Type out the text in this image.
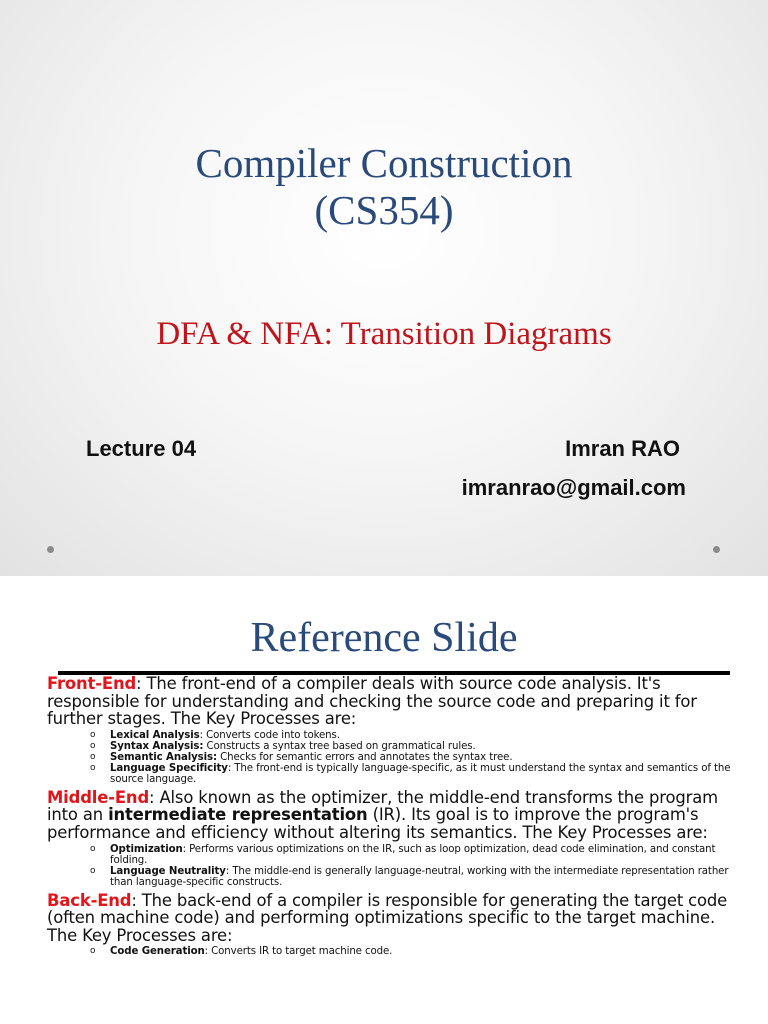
Compiler Construction
(CS354)
DFA & NFA: Transition Diagrams
Lecture 04	Imran RAO
imranrao@gmail.com
Reference Slide

Front-End: The front-end of a compiler deals with source code analysis. It's responsible for understanding and checking the source code and preparing it for further stages. The Key Processes are:

o Lexical Analysis: Converts code into tokens.
o Syntax Analysis: Constructs a syntax tree based on grammatical rules.
o Semantic Analysis: Checks for semantic errors and annotates the syntax tree.
o Language Specificity: The front-end is typically language-specific, as it must understand the syntax and semantics of the source language.

Middle-End: Also known as the optimizer, the middle-end transforms the program into an intermediate representation (IR). Its goal is to improve the program's performance and efficiency without altering its semantics. The Key Processes are:

o Optimization: Performs various optimizations on the IR, such as loop optimization, dead code elimination, and constant folding.
o Language Neutrality: The middle-end is generally language-neutral, working with the intermediate representation rather than language-specific constructs.

Back-End: The back-end of a compiler is responsible for generating the target code (often machine code) and performing optimizations specific to the target machine. The Key Processes are:

o Code Generation: Converts IR to target machine code.
